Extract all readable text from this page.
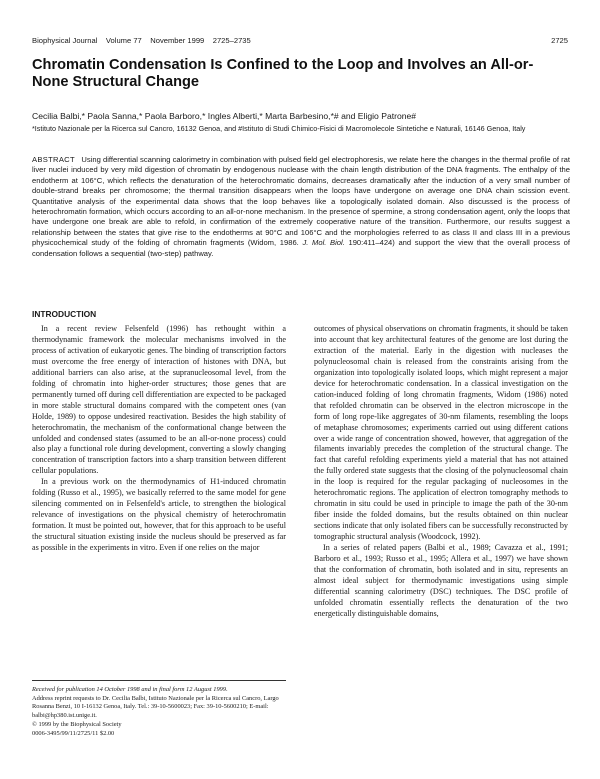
Biophysical Journal Volume 77 November 1999 2725–2735	2725
Chromatin Condensation Is Confined to the Loop and Involves an All-or-None Structural Change

Cecilia Balbi,* Paola Sanna,* Paola Barboro,* Ingles Alberti,* Marta Barbesino,*# and Eligio Patrone#

*Istituto Nazionale per la Ricerca sul Cancro, 16132 Genoa, and #Istituto di Studi Chimico-Fisici di Macromolecole Sintetiche e Naturali, 16146 Genoa, Italy

ABSTRACT Using differential scanning calorimetry in combination with pulsed field gel electrophoresis, we relate here the changes in the thermal profile of rat liver nuclei induced by very mild digestion of chromatin by endogenous nuclease with the chain length distribution of the DNA fragments. The enthalpy of the endotherm at 106°C, which reflects the denaturation of the heterochromatic domains, decreases dramatically after the induction of a very small number of double-strand breaks per chromosome; the thermal transition disappears when the loops have undergone on average one DNA chain scission event. Quantitative analysis of the experimental data shows that the loop behaves like a topologically isolated domain. Also discussed is the process of heterochromatin formation, which occurs according to an all-or-none mechanism. In the presence of spermine, a strong condensation agent, only the loops that have undergone one break are able to refold, in confirmation of the extremely cooperative nature of the transition. Furthermore, our results suggest a relationship between the states that give rise to the endotherms at 90°C and 106°C and the morphologies referred to as class II and class III in a previous physicochemical study of the folding of chromatin fragments (Widom, 1986. J. Mol. Biol. 190:411–424) and support the view that the overall process of condensation follows a sequential (two-step) pathway.

INTRODUCTION

In a recent review Felsenfeld (1996) has rethought within a thermodynamic framework the molecular mechanisms involved in the process of activation of eukaryotic genes. The binding of transcription factors must overcome the free energy of interaction of histones with DNA, but additional barriers can also arise, at the supranucleosomal level, from the folding of chromatin into higher-order structures; those genes that are permanently turned off during cell differentiation are expected to be packaged in more stable structural domains compared with the competent ones (van Holde, 1989) to oppose undesired reactivation. Besides the high stability of heterochromatin, the mechanism of the conformational change between the unfolded and condensed states (assumed to be an all-or-none process) could also play a functional role during development, converting a slowly changing concentration of transcription factors into a sharp transition between different cellular populations.

In a previous work on the thermodynamics of H1-induced chromatin folding (Russo et al., 1995), we basically referred to the same model for gene silencing commented on in Felsenfeld's article, to strengthen the biological relevance of investigations on the physical chemistry of heterochromatin formation. It must be pointed out, however, that for this approach to be useful the structural situation existing inside the nucleus should be preserved as far as possible in the experiments in vitro. Even if one relies on the major

outcomes of physical observations on chromatin fragments, it should be taken into account that key architectural features of the genome are lost during the extraction of the material. Early in the digestion with nucleases the polynucleosomal chain is released from the constraints arising from the organization into topologically isolated loops, which might represent a major device for heterochromatic condensation. In a classical investigation on the cation-induced folding of long chromatin fragments, Widom (1986) noted that refolded chromatin can be observed in the electron microscope in the form of long rope-like aggregates of 30-nm filaments, resembling the loops of metaphase chromosomes; experiments carried out using different cations over a wide range of concentration showed, however, that aggregation of the filaments invariably precedes the completion of the structural change. The fact that careful refolding experiments yield a material that has not attained the fully ordered state suggests that the closing of the polynucleosomal chain in the loop is required for the regular packaging of nucleosomes in the heterochromatic regions. The application of electron tomography methods to chromatin in situ could be used in principle to image the path of the 30-nm fiber inside the folded domains, but the results obtained on thin nuclear sections indicate that only isolated fibers can be successfully reconstructed by tomographic structural analysis (Woodcock, 1992).

In a series of related papers (Balbi et al., 1989; Cavazza et al., 1991; Barboro et al., 1993; Russo et al., 1995; Allera et al., 1997) we have shown that the conformation of chromatin, both isolated and in situ, represents an almost ideal subject for thermodynamic investigations using simple differential scanning calorimetry (DSC) techniques. The DSC profile of unfolded chromatin essentially reflects the denaturation of the two energetically distinguishable domains,

Received for publication 14 October 1998 and in final form 12 August 1999.
Address reprint requests to Dr. Cecilia Balbi, Istituto Nazionale per la Ricerca sul Cancro, Largo Rosanna Benzi, 10 I-16132 Genoa, Italy. Tel.: 39-10-5600023; Fax: 39-10-5600210; E-mail: balbi@hp380.ist.unige.it.
© 1999 by the Biophysical Society
0006-3495/99/11/2725/11 $2.00
